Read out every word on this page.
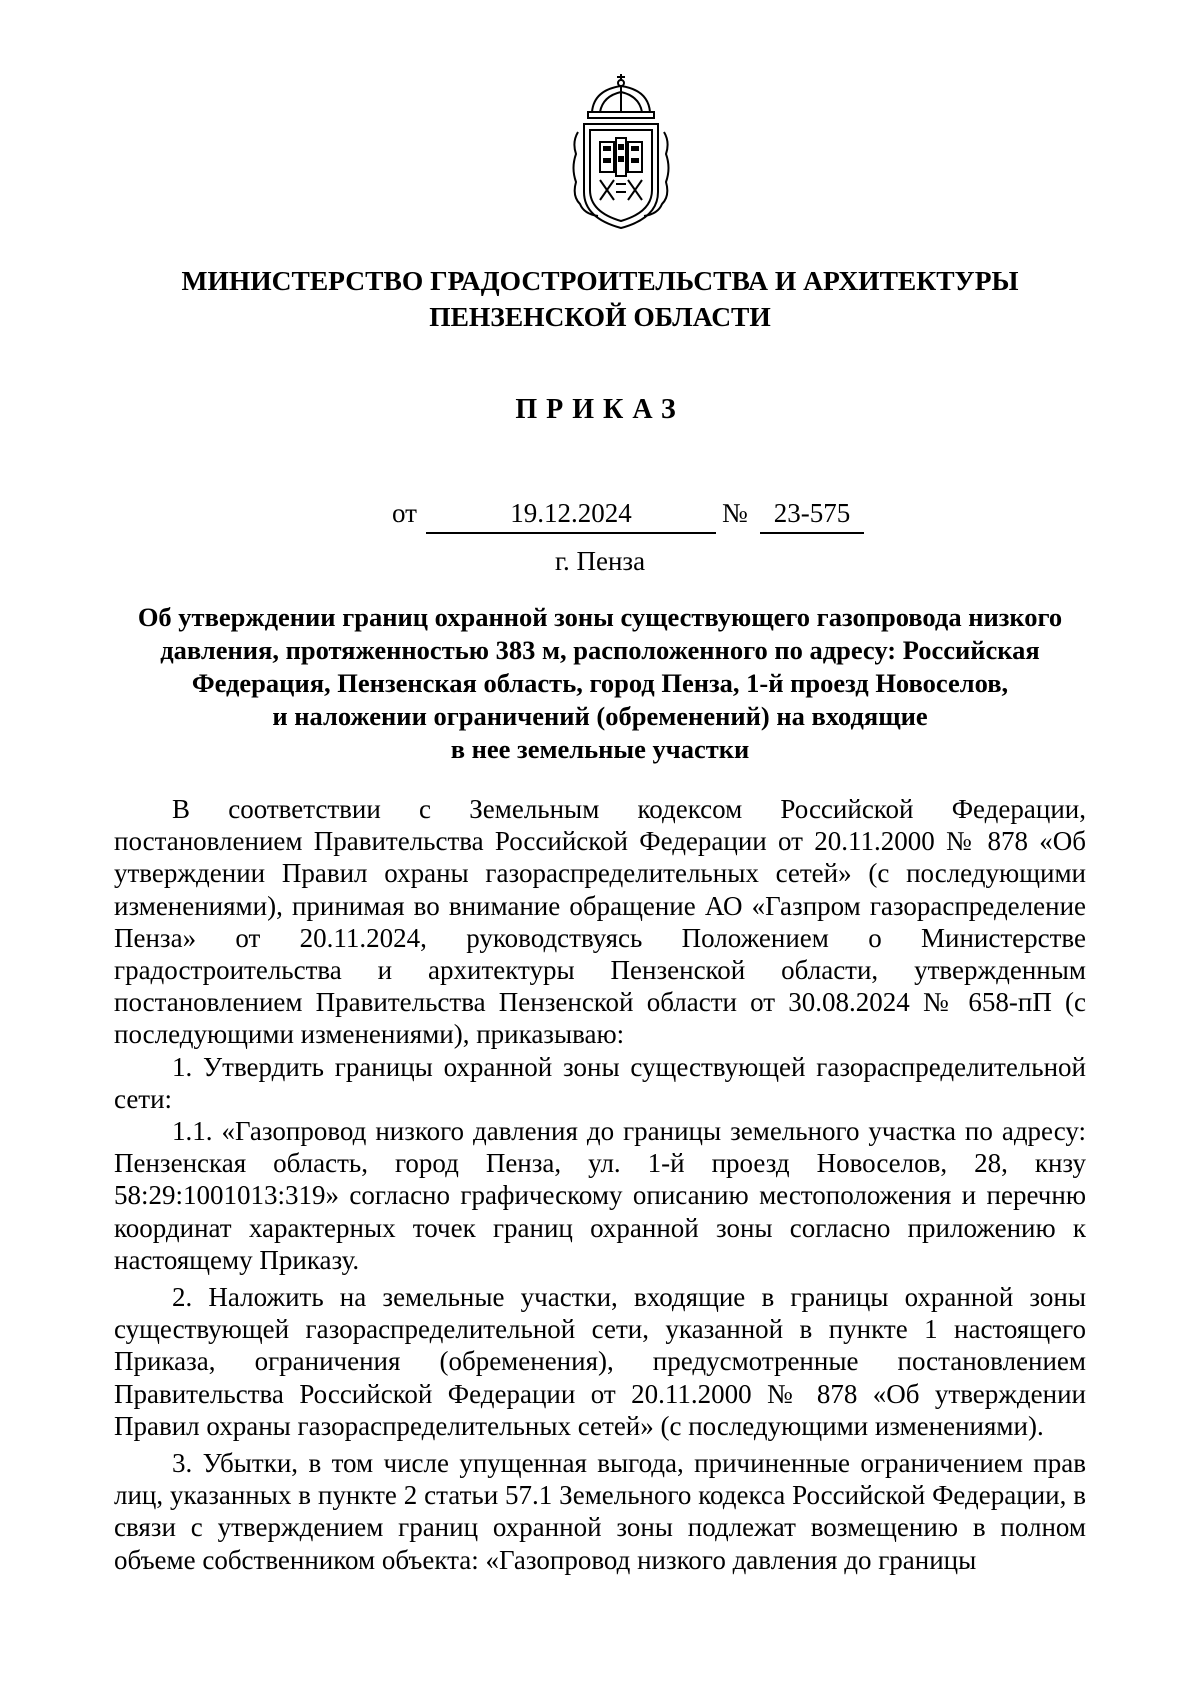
МИНИСТЕРСТВО ГРАДОСТРОИТЕЛЬСТВА И АРХИТЕКТУРЫ
ПЕНЗЕНСКОЙ ОБЛАСТИ
ПРИКАЗ
от	19.12.2024	№ 23-575
г. Пенза
Об утверждении границ охранной зоны существующего газопровода низкого
давления, протяженностью 383 м, расположенного по адресу: Российская
Федерация, Пензенская область, город Пенза, 1-й проезд Новоселов,
и наложении ограничений (обременений) на входящие
в нее земельные участки

В соответствии с Земельным кодексом Российской Федерации, постановлением Правительства Российской Федерации от 20.11.2000 № 878 «Об утверждении Правил охраны газораспределительных сетей» (с последующими изменениями), принимая во внимание обращение АО «Газпром газораспределение Пенза» от 20.11.2024, руководствуясь Положением о Министерстве градостроительства и архитектуры Пензенской области, утвержденным постановлением Правительства Пензенской области от 30.08.2024 № 658-пП (с последующими изменениями), приказываю:

1. Утвердить границы охранной зоны существующей газораспределительной сети:

1.1. «Газопровод низкого давления до границы земельного участка по адресу: Пензенская область, город Пенза, ул. 1-й проезд Новоселов, 28, кнзу 58:29:1001013:319» согласно графическому описанию местоположения и перечню координат характерных точек границ охранной зоны согласно приложению к настоящему Приказу.

2. Наложить на земельные участки, входящие в границы охранной зоны существующей газораспределительной сети, указанной в пункте 1 настоящего Приказа, ограничения (обременения), предусмотренные постановлением Правительства Российской Федерации от 20.11.2000 № 878 «Об утверждении Правил охраны газораспределительных сетей» (с последующими изменениями).

3. Убытки, в том числе упущенная выгода, причиненные ограничением прав лиц, указанных в пункте 2 статьи 57.1 Земельного кодекса Российской Федерации, в связи с утверждением границ охранной зоны подлежат возмещению в полном объеме собственником объекта: «Газопровод низкого давления до границы
